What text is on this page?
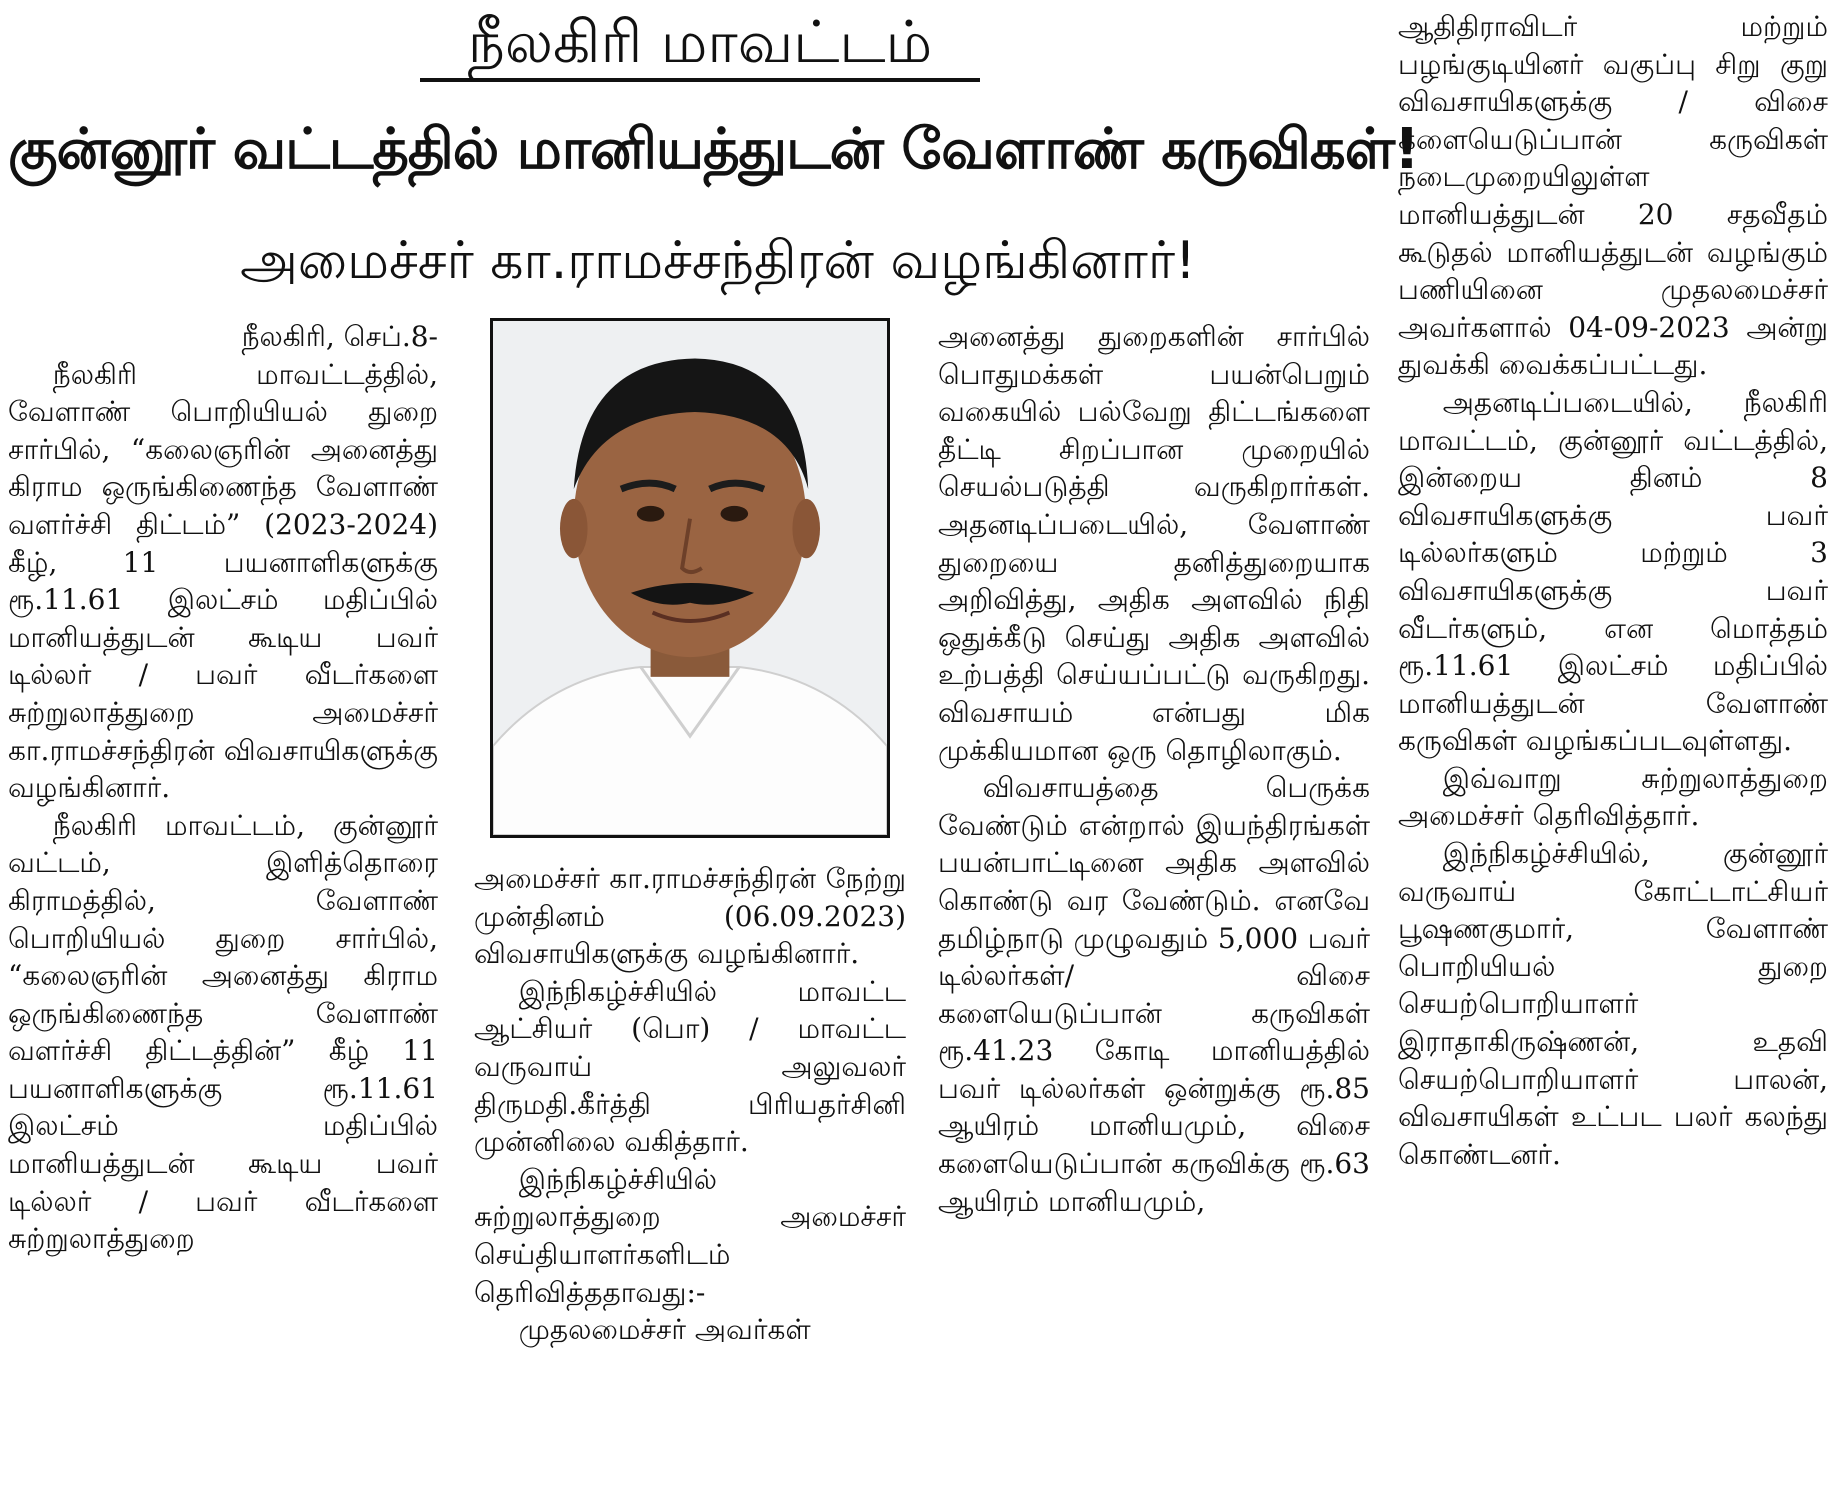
நீலகிரி மாவட்டம்
குன்னூர் வட்டத்தில் மானியத்துடன் வேளாண் கருவிகள்!
அமைச்சர் கா.ராமச்சந்திரன் வழங்கினார்!

நீலகிரி, செப்.8-

நீலகிரி மாவட்டத்தில், வேளாண் பொறியியல் துறை சார்பில், “கலைஞரின் அனைத்து கிராம ஒருங்கிணைந்த வேளாண் வளர்ச்சி திட்டம்” (2023-2024) கீழ், 11 பயனாளிகளுக்கு ரூ.11.61 இலட்சம் மதிப்பில் மானியத்துடன் கூடிய பவர் டில்லர் / பவர் வீடர்களை சுற்றுலாத்துறை அமைச்சர் கா.ராமச்சந்திரன் விவசாயிகளுக்கு வழங்கினார்.

நீலகிரி மாவட்டம், குன்னூர் வட்டம், இளித்தொரை கிராமத்தில், வேளாண் பொறியியல் துறை சார்பில், “கலைஞரின் அனைத்து கிராம ஒருங்கிணைந்த வேளாண் வளர்ச்சி திட்டத்தின்” கீழ் 11 பயனாளிகளுக்கு ரூ.11.61 இலட்சம் மதிப்பில் மானியத்துடன் கூடிய பவர் டில்லர் / பவர் வீடர்களை சுற்றுலாத்துறை

அமைச்சர் கா.ராமச்சந்திரன் நேற்று முன்தினம் (06.09.2023) விவசாயிகளுக்கு வழங்கினார்.

இந்நிகழ்ச்சியில் மாவட்ட ஆட்சியர் (பொ) / மாவட்ட வருவாய் அலுவலர் திருமதி.கீர்த்தி பிரியதர்சினி முன்னிலை வகித்தார்.

இந்நிகழ்ச்சியில் சுற்றுலாத்துறை அமைச்சர் செய்தியாளர்களிடம் தெரிவித்ததாவது:-

முதலமைச்சர் அவர்கள்

அனைத்து துறைகளின் சார்பில் பொதுமக்கள் பயன்பெறும் வகையில் பல்வேறு திட்டங்களை தீட்டி சிறப்பான முறையில் செயல்படுத்தி வருகிறார்கள். அதனடிப்படையில், வேளாண் துறையை தனித்துறையாக அறிவித்து, அதிக அளவில் நிதி ஒதுக்கீடு செய்து அதிக அளவில் உற்பத்தி செய்யப்பட்டு வருகிறது. விவசாயம் என்பது மிக முக்கியமான ஒரு தொழிலாகும்.

விவசாயத்தை பெருக்க வேண்டும் என்றால் இயந்திரங்கள் பயன்பாட்டினை அதிக அளவில் கொண்டு வர வேண்டும். எனவே தமிழ்நாடு முழுவதும் 5,000 பவர் டில்லர்கள்/ விசை களையெடுப்பான் கருவிகள் ரூ.41.23 கோடி மானியத்தில் பவர் டில்லர்கள் ஒன்றுக்கு ரூ.85 ஆயிரம் மானியமும், விசை களையெடுப்பான் கருவிக்கு ரூ.63 ஆயிரம் மானியமும்,

ஆதிதிராவிடர் மற்றும் பழங்குடியினர் வகுப்பு சிறு குறு விவசாயிகளுக்கு / விசை களையெடுப்பான் கருவிகள் நடைமுறையிலுள்ள மானியத்துடன் 20 சதவீதம் கூடுதல் மானியத்துடன் வழங்கும் பணியினை முதலமைச்சர் அவர்களால் 04-09-2023 அன்று துவக்கி வைக்கப்பட்டது.

அதனடிப்படையில், நீலகிரி மாவட்டம், குன்னூர் வட்டத்தில், இன்றைய தினம் 8 விவசாயிகளுக்கு பவர் டில்லர்களும் மற்றும் 3 விவசாயிகளுக்கு பவர் வீடர்களும், என மொத்தம் ரூ.11.61 இலட்சம் மதிப்பில் மானியத்துடன் வேளாண் கருவிகள் வழங்கப்படவுள்ளது.

இவ்வாறு சுற்றுலாத்துறை அமைச்சர் தெரிவித்தார்.

இந்நிகழ்ச்சியில், குன்னூர் வருவாய் கோட்டாட்சியர் பூஷணகுமார், வேளாண் பொறியியல் துறை செயற்பொறியாளர் இராதாகிருஷ்ணன், உதவி செயற்பொறியாளர் பாலன், விவசாயிகள் உட்பட பலர் கலந்து கொண்டனர்.
